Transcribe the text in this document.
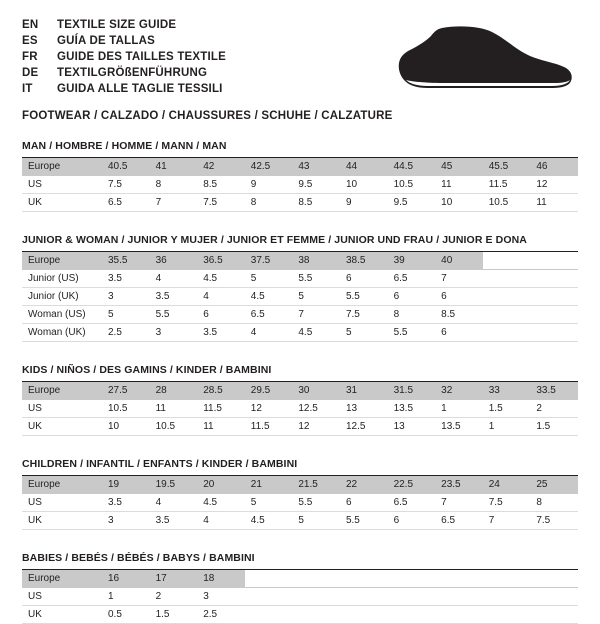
EN	TEXTILE SIZE GUIDE
ES	GUÍA DE TALLAS
FR	GUIDE DES TAILLES TEXTILE
DE	TEXTILGRÖßENFÜHRUNG
IT	GUIDA ALLE TAGLIE TESSILI
FOOTWEAR / CALZADO / CHAUSSURES / SCHUHE / CALZATURE
MAN / HOMBRE / HOMME / MANN / MAN
Europe	40.5	41	42	42.5	43	44	44.5	45	45.5	46
US	7.5	8	8.5	9	9.5	10	10.5	11	11.5	12
UK	6.5	7	7.5	8	8.5	9	9.5	10	10.5	11
JUNIOR & WOMAN / JUNIOR Y MUJER / JUNIOR ET FEMME / JUNIOR UND FRAU / JUNIOR E DONA
Europe	35.5	36	36.5	37.5	38	38.5	39	40		
Junior (US)	3.5	4	4.5	5	5.5	6	6.5	7		
Junior (UK)	3	3.5	4	4.5	5	5.5	6	6		
Woman (US)	5	5.5	6	6.5	7	7.5	8	8.5		
Woman (UK)	2.5	3	3.5	4	4.5	5	5.5	6		
KIDS / NIÑOS / DES GAMINS / KINDER / BAMBINI
Europe	27.5	28	28.5	29.5	30	31	31.5	32	33	33.5
US	10.5	11	11.5	12	12.5	13	13.5	1	1.5	2
UK	10	10.5	11	11.5	12	12.5	13	13.5	1	1.5
CHILDREN / INFANTIL / ENFANTS / KINDER / BAMBINI
Europe	19	19.5	20	21	21.5	22	22.5	23.5	24	25
US	3.5	4	4.5	5	5.5	6	6.5	7	7.5	8
UK	3	3.5	4	4.5	5	5.5	6	6.5	7	7.5
BABIES / BEBÉS / BÉBÉS / BABYS / BAMBINI
Europe	16	17	18							
US	1	2	3							
UK	0.5	1.5	2.5							
